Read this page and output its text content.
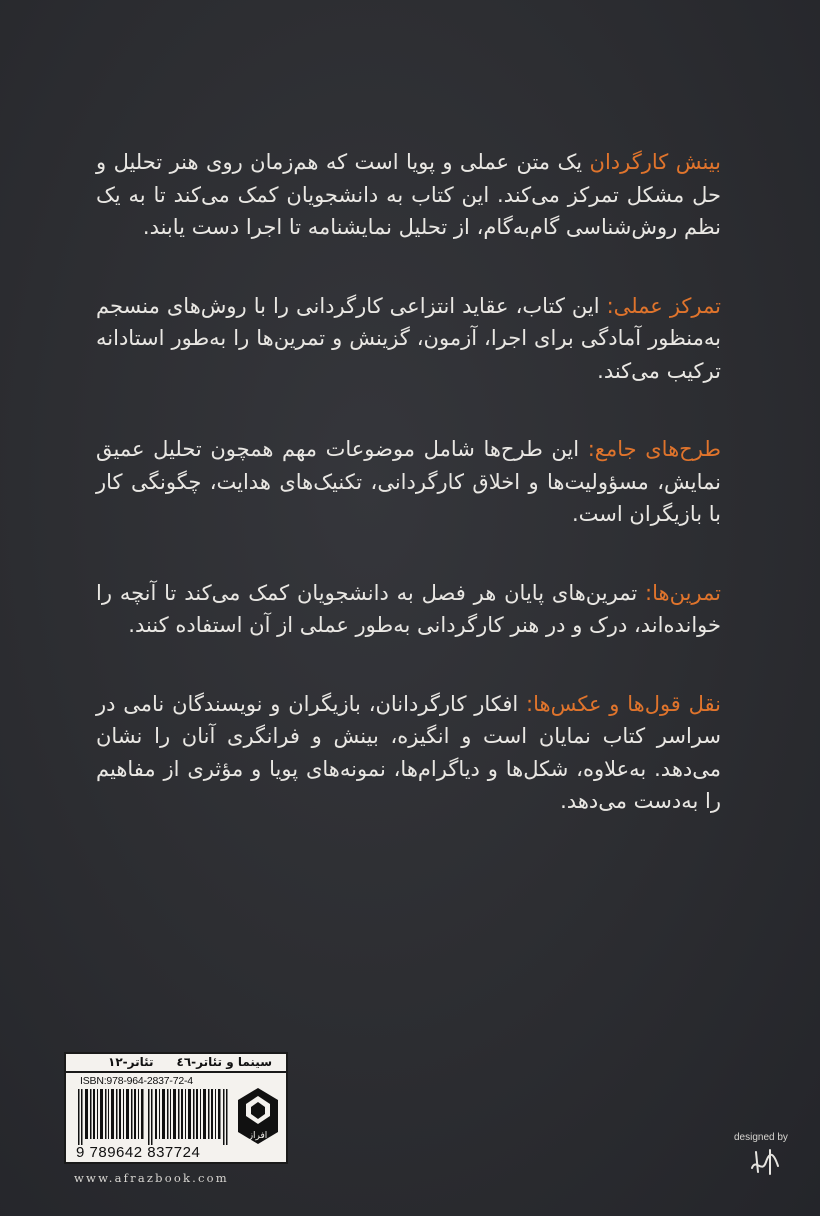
بینش کارگردان یک متن عملی و پویا است که هم‌زمان روی هنر تحلیل و حل مشکل تمرکز می‌کند. این کتاب به دانشجویان کمک می‌کند تا به یک نظم روش‌شناسی گام‌به‌گام، از تحلیل نمایشنامه تا اجرا دست یابند.

تمرکز عملی: این کتاب، عقاید انتزاعی کارگردانی را با روش‌های منسجم به‌منظور آمادگی برای اجرا، آزمون، گزینش و تمرین‌ها را به‌طور استادانه ترکیب می‌کند.

طرح‌های جامع: این طرح‌ها شامل موضوعات مهم همچون تحلیل عمیق نمایش، مسؤولیت‌ها و اخلاق کارگردانی، تکنیک‌های هدایت، چگونگی کار با بازیگران است.

تمرین‌ها: تمرین‌های پایان هر فصل به دانشجویان کمک می‌کند تا آنچه را خوانده‌اند، درک و در هنر کارگردانی به‌طور عملی از آن استفاده کنند.

نقل قول‌ها و عکس‌ها: افکار کارگردانان، بازیگران و نویسندگان نامی در سراسر کتاب نمایان است و انگیزه، بینش و فرانگری آنان را نشان می‌دهد. به‌علاوه، شکل‌ها و دیاگرام‌ها، نمونه‌های پویا و مؤثری از مفاهیم را به‌دست می‌دهد.

سینما و تئاتر-٤٦
تئاتر-١٢
ISBN:978-964-2837-72-4
9 789642 837724
افراز
www.afrazbook.com
designed by
